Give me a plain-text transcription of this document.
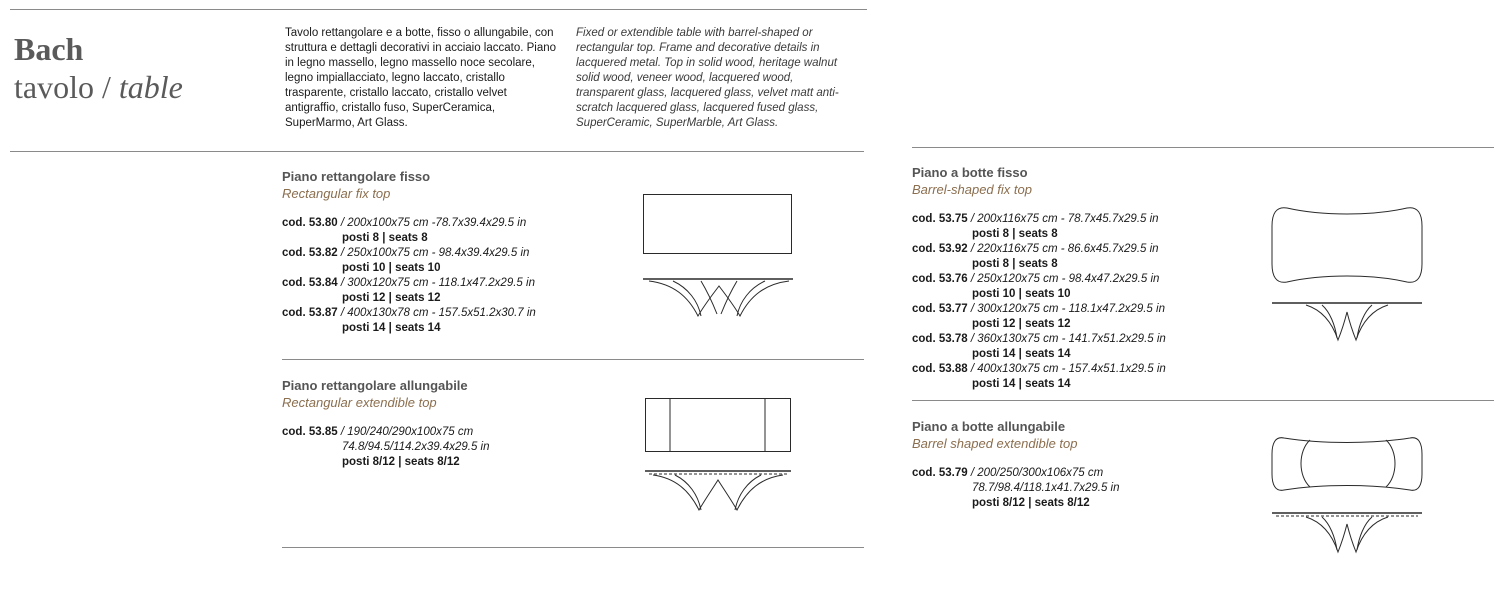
Bach
tavolo / table
Tavolo rettangolare e a botte, fisso o allungabile, con struttura e dettagli decorativi in acciaio laccato. Piano in legno massello, legno massello noce secolare, legno impiallacciato, legno laccato, cristallo trasparente, cristallo laccato, cristallo velvet antigraffio, cristallo fuso, SuperCeramica, SuperMarmo, Art Glass.
Fixed or extendible table with barrel-shaped or rectangular top. Frame and decorative details in lacquered metal. Top in solid wood, heritage walnut solid wood, veneer wood, lacquered wood, transparent glass, lacquered glass, velvet matt anti-scratch lacquered glass, lacquered fused glass, SuperCeramic, SuperMarble, Art Glass.
Piano rettangolare fisso
Rectangular fix top
cod. 53.80 / 200x100x75 cm -78.7x39.4x29.5 in
posti 8 | seats 8
cod. 53.82 / 250x100x75 cm - 98.4x39.4x29.5 in
posti 10 | seats 10
cod. 53.84 / 300x120x75 cm - 118.1x47.2x29.5 in
posti 12 | seats 12
cod. 53.87 / 400x130x78 cm - 157.5x51.2x30.7 in
posti 14 | seats 14
Piano rettangolare allungabile
Rectangular extendible top
cod. 53.85 / 190/240/290x100x75 cm
74.8/94.5/114.2x39.4x29.5 in
posti 8/12 | seats 8/12
Piano a botte fisso
Barrel-shaped fix top
cod. 53.75 / 200x116x75 cm - 78.7x45.7x29.5 in
posti 8 | seats 8
cod. 53.92 / 220x116x75 cm - 86.6x45.7x29.5 in
posti 8 | seats 8
cod. 53.76 / 250x120x75 cm - 98.4x47.2x29.5 in
posti 10 | seats 10
cod. 53.77 / 300x120x75 cm - 118.1x47.2x29.5 in
posti 12 | seats 12
cod. 53.78 / 360x130x75 cm - 141.7x51.2x29.5 in
posti 14 | seats 14
cod. 53.88 / 400x130x75 cm - 157.4x51.1x29.5 in
posti 14 | seats 14
Piano a botte allungabile
Barrel shaped extendible top
cod. 53.79 / 200/250/300x106x75 cm
78.7/98.4/118.1x41.7x29.5 in
posti 8/12 | seats 8/12
